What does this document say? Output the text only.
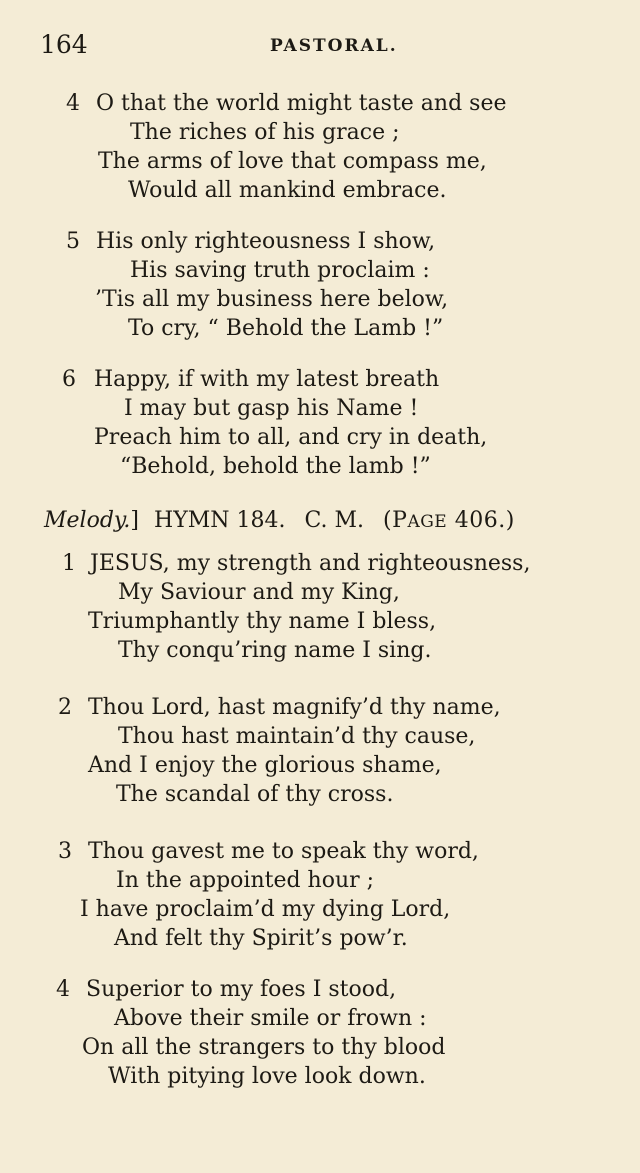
164	PASTORAL.
4 O that the world might taste and see
The riches of his grace ;
The arms of love that compass me,
Would all mankind embrace.
5 His only righteousness I show,
His saving truth proclaim :
’Tis all my business here below,
To cry, “ Behold the Lamb !”
6 Happy, if with my latest breath
I may but gasp his Name !
Preach him to all, and cry in death,
“Behold, behold the lamb !”
Melody.] HYMN 184. C. M. (PAGE 406.)
1 JESUS, my strength and righteousness,
My Saviour and my King,
Triumphantly thy name I bless,
Thy conqu’ring name I sing.
2 Thou Lord, hast magnify’d thy name,
Thou hast maintain’d thy cause,
And I enjoy the glorious shame,
The scandal of thy cross.
3 Thou gavest me to speak thy word,
In the appointed hour ;
I have proclaim’d my dying Lord,
And felt thy Spirit’s pow’r.
4 Superior to my foes I stood,
Above their smile or frown :
On all the strangers to thy blood
With pitying love look down.
